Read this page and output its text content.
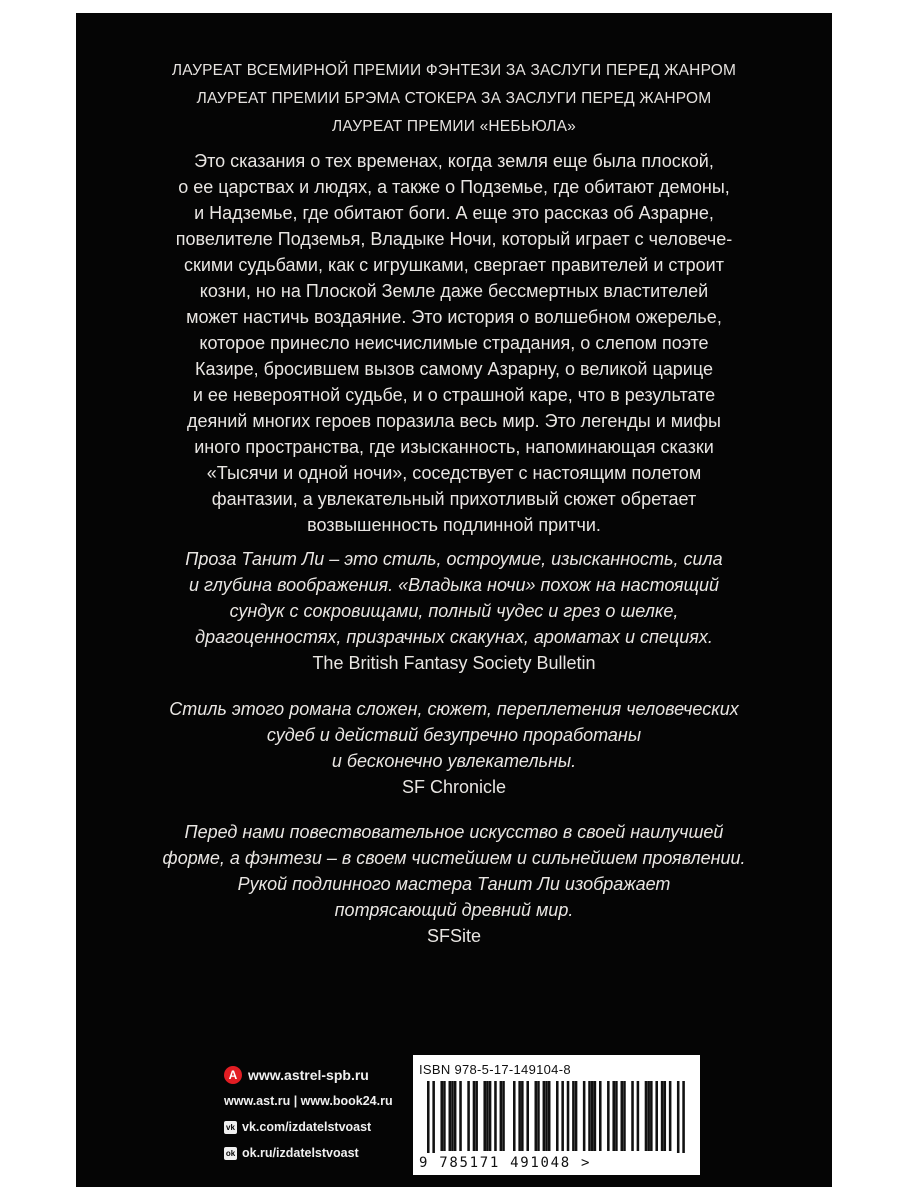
ЛАУРЕАТ ВСЕМИРНОЙ ПРЕМИИ ФЭНТЕЗИ ЗА ЗАСЛУГИ ПЕРЕД ЖАНРОМ
ЛАУРЕАТ ПРЕМИИ БРЭМА СТОКЕРА ЗА ЗАСЛУГИ ПЕРЕД ЖАНРОМ
ЛАУРЕАТ ПРЕМИИ «НЕБЬЮЛА»
Это сказания о тех временах, когда земля еще была плоской,
о ее царствах и людях, а также о Подземье, где обитают демоны,
и Надземье, где обитают боги. А еще это рассказ об Азрарне,
повелителе Подземья, Владыке Ночи, который играет с человече-
скими судьбами, как с игрушками, свергает правителей и строит
козни, но на Плоской Земле даже бессмертных властителей
может настичь воздаяние. Это история о волшебном ожерелье,
которое принесло неисчислимые страдания, о слепом поэте
Казире, бросившем вызов самому Азрарну, о великой царице
и ее невероятной судьбе, и о страшной каре, что в результате
деяний многих героев поразила весь мир. Это легенды и мифы
иного пространства, где изысканность, напоминающая сказки
«Тысячи и одной ночи», соседствует с настоящим полетом
фантазии, а увлекательный прихотливый сюжет обретает
возвышенность подлинной притчи.
Проза Танит Ли – это стиль, остроумие, изысканность, сила
и глубина воображения. «Владыка ночи» похож на настоящий
сундук с сокровищами, полный чудес и грез о шелке,
драгоценностях, призрачных скакунах, ароматах и специях.
The British Fantasy Society Bulletin
Стиль этого романа сложен, сюжет, переплетения человеческих
судеб и действий безупречно проработаны
и бесконечно увлекательны.
SF Chronicle
Перед нами повествовательное искусство в своей наилучшей
форме, а фэнтези – в своем чистейшем и сильнейшем проявлении.
Рукой подлинного мастера Танит Ли изображает
потрясающий древний мир.
SFSite
A www.astrel-spb.ru
www.ast.ru | www.book24.ru
vk vk.com/izdatelstvoast
ok ok.ru/izdatelstvoast
ISBN 978-5-17-149104-8
9 785171 491048 >
